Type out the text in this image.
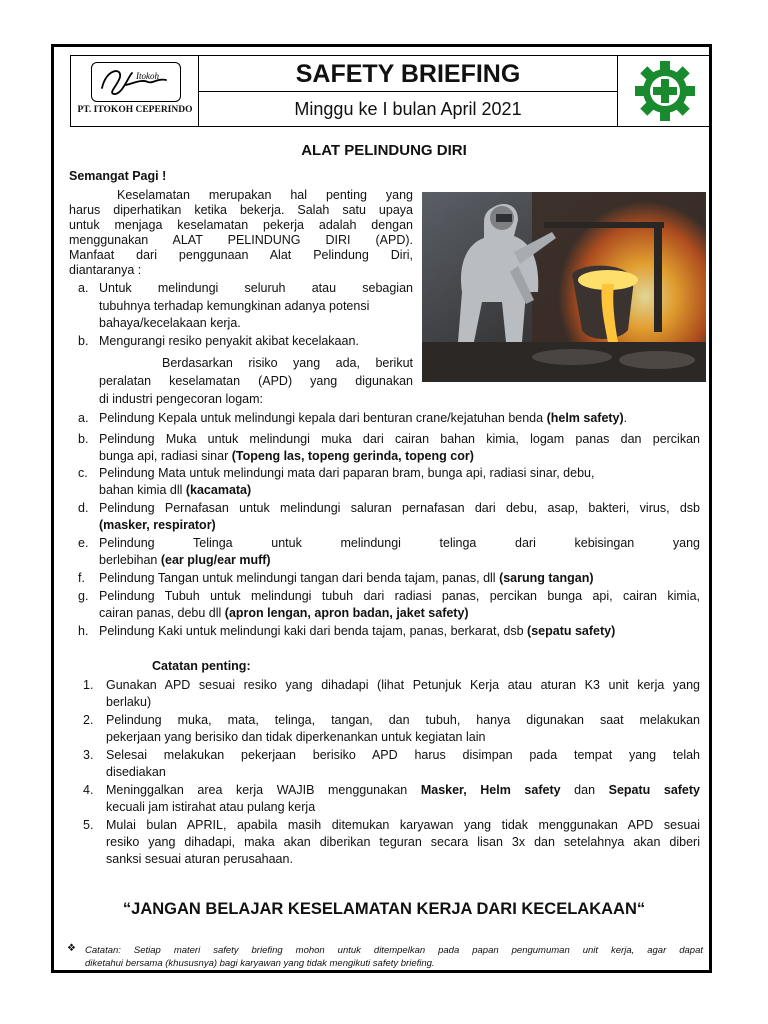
Itokoh
PT. ITOKOH CEPERINDO
SAFETY BRIEFING
Minggu ke I bulan April 2021
ALAT PELINDUNG DIRI
Semangat Pagi !
Keselamatan merupakan hal penting yang
harus diperhatikan ketika bekerja. Salah satu upaya
untuk menjaga keselamatan pekerja adalah dengan
menggunakan ALAT PELINDUNG DIRI (APD).
Manfaat dari penggunaan Alat Pelindung Diri,
diantaranya :
a. Untuk melindungi seluruh atau sebagian
tubuhnya terhadap kemungkinan adanya potensi
bahaya/kecelakaan kerja.
b. Mengurangi resiko penyakit akibat kecelakaan.
Berdasarkan risiko yang ada, berikut
peralatan keselamatan (APD) yang digunakan
di industri pengecoran logam:
a. Pelindung Kepala untuk melindungi kepala dari benturan crane/kejatuhan benda (helm safety).
b. Pelindung Muka untuk melindungi muka dari cairan bahan kimia, logam panas dan percikan
bunga api, radiasi sinar (Topeng las, topeng gerinda, topeng cor)
c. Pelindung Mata untuk melindungi mata dari paparan bram, bunga api, radiasi sinar, debu,
bahan kimia dll (kacamata)
d. Pelindung Pernafasan untuk melindungi saluran pernafasan dari debu, asap, bakteri, virus, dsb
(masker, respirator)
e. Pelindung Telinga untuk melindungi telinga dari kebisingan yang
berlebihan (ear plug/ear muff)
f. Pelindung Tangan untuk melindungi tangan dari benda tajam, panas, dll (sarung tangan)
g. Pelindung Tubuh untuk melindungi tubuh dari radiasi panas, percikan bunga api, cairan kimia,
cairan panas, debu dll (apron lengan, apron badan, jaket safety)
h. Pelindung Kaki untuk melindungi kaki dari benda tajam, panas, berkarat, dsb (sepatu safety)
Catatan penting:
1. Gunakan APD sesuai resiko yang dihadapi (lihat Petunjuk Kerja atau aturan K3 unit kerja yang
berlaku)
2. Pelindung muka, mata, telinga, tangan, dan tubuh, hanya digunakan saat melakukan
pekerjaan yang berisiko dan tidak diperkenankan untuk kegiatan lain
3. Selesai melakukan pekerjaan berisiko APD harus disimpan pada tempat yang telah
disediakan
4. Meninggalkan area kerja WAJIB menggunakan Masker, Helm safety dan Sepatu safety
kecuali jam istirahat atau pulang kerja
5. Mulai bulan APRIL, apabila masih ditemukan karyawan yang tidak menggunakan APD sesuai
resiko yang dihadapi, maka akan diberikan teguran secara lisan 3x dan setelahnya akan diberi
sanksi sesuai aturan perusahaan.
“JANGAN BELAJAR KESELAMATAN KERJA DARI KECELAKAAN“
❖ Catatan: Setiap materi safety briefing mohon untuk ditempelkan pada papan pengumuman unit kerja, agar dapat
diketahui bersama (khususnya) bagi karyawan yang tidak mengikuti safety briefing.
